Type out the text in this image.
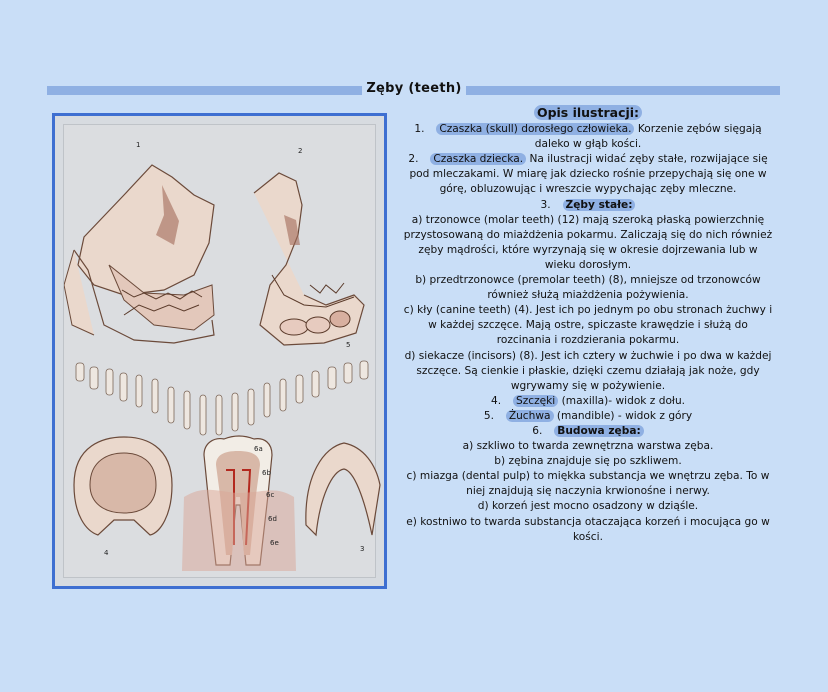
Zęby (teeth)
1
2
3
4
5
6a
6b
6c
6d
6e

Opis ilustracji:

1. Czaszka (skull) dorosłego człowieka. Korzenie zębów sięgają daleko w głąb kości.

2. Czaszka dziecka. Na ilustracji widać zęby stałe, rozwijające się pod mleczakami. W miarę jak dziecko rośnie przepychają się one w górę, obluzowując i wreszcie wypychając zęby mleczne.

3. Zęby stałe:

a) trzonowce (molar teeth) (12) mają szeroką płaską powierzchnię przystosowaną do miażdżenia pokarmu. Zaliczają się do nich również zęby mądrości, które wyrzynają się w okresie dojrzewania lub w wieku dorosłym.

b) przedtrzonowce (premolar teeth) (8), mniejsze od trzonowców również służą miażdżenia pożywienia.

c) kły (canine teeth) (4). Jest ich po jednym po obu stronach żuchwy i w każdej szczęce. Mają ostre, spiczaste krawędzie i służą do rozcinania i rozdzierania pokarmu.

d) siekacze (incisors) (8). Jest ich cztery w żuchwie i po dwa w każdej szczęce. Są cienkie i płaskie, dzięki czemu działają jak noże, gdy wgrywamy się w pożywienie.

4. Szczęki (maxilla)- widok z dołu.

5. Żuchwa (mandible) - widok z góry

6. Budowa zęba:

a) szkliwo to twarda zewnętrzna warstwa zęba.

b) zębina znajduje się po szkliwem.

c) miazga (dental pulp) to miękka substancja we wnętrzu zęba. To w niej znajdują się naczynia krwionośne i nerwy.

d) korzeń jest mocno osadzony w dziąśle.

e) kostniwo to twarda substancja otaczająca korzeń i mocująca go w kości.
